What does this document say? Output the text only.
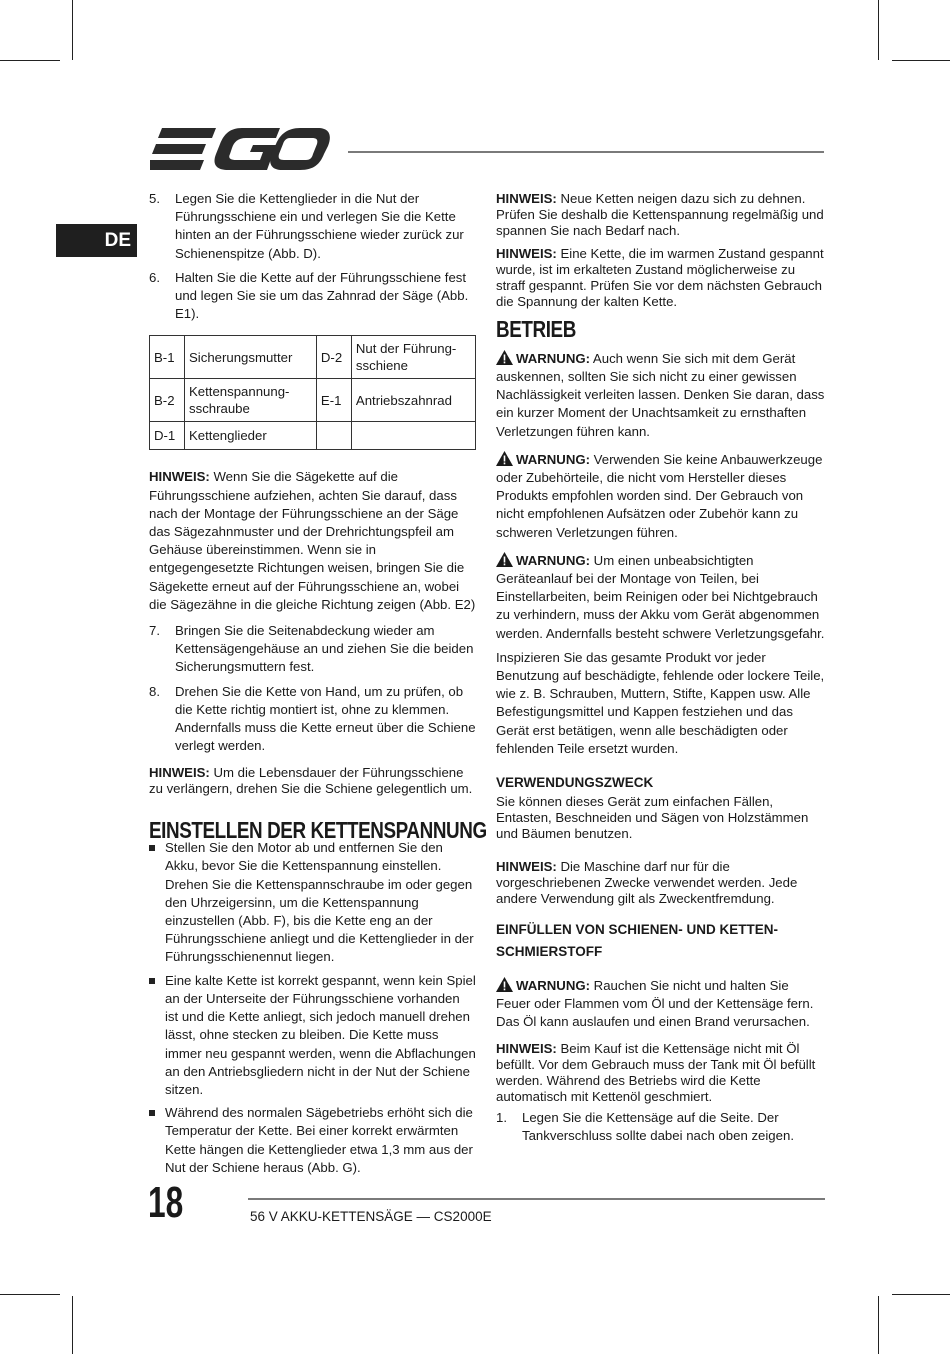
DE
5.	Legen Sie die Kettenglieder in die Nut der Führungsschiene ein und verlegen Sie die Kette hinten an der Führungsschiene wieder zurück zur Schienenspitze (Abb. D).
6.	Halten Sie die Kette auf der Führungsschiene fest und legen Sie sie um das Zahnrad der Säge (Abb. E1).
B-1	Sicherungsmutter	D-2	Nut der Führung-sschiene
B-2	Kettenspannung-sschraube	E-1	Antriebszahnrad
D-1	Kettenglieder		

HINWEIS: Wenn Sie die Sägekette auf die Führungsschiene aufziehen, achten Sie darauf, dass nach der Montage der Führungsschiene an der Säge das Sägezahnmuster und der Drehrichtungspfeil am Gehäuse übereinstimmen. Wenn sie in entgegengesetzte Richtungen weisen, bringen Sie die Sägekette erneut auf der Führungsschiene an, wobei die Sägezähne in die gleiche Richtung zeigen (Abb. E2)

7.	Bringen Sie die Seitenabdeckung wieder am Kettensägengehäuse an und ziehen Sie die beiden Sicherungsmuttern fest.
8.	Drehen Sie die Kette von Hand, um zu prüfen, ob die Kette richtig montiert ist, ohne zu klemmen. Andernfalls muss die Kette erneut über die Schiene verlegt werden.

HINWEIS: Um die Lebensdauer der Führungsschiene zu verlängern, drehen Sie die Schiene gelegentlich um.

EINSTELLEN DER KETTENSPANNUNG
Stellen Sie den Motor ab und entfernen Sie den Akku, bevor Sie die Kettenspannung einstellen. Drehen Sie die Kettenspannschraube im oder gegen den Uhrzeigersinn, um die Kettenspannung einzustellen (Abb. F), bis die Kette eng an der Führungsschiene anliegt und die Kettenglieder in der Führungsschienennut liegen.
Eine kalte Kette ist korrekt gespannt, wenn kein Spiel an der Unterseite der Führungsschiene vorhanden ist und die Kette anliegt, sich jedoch manuell drehen lässt, ohne stecken zu bleiben. Die Kette muss immer neu gespannt werden, wenn die Abflachungen an den Antriebsgliedern nicht in der Nut der Schiene sitzen.
Während des normalen Sägebetriebs erhöht sich die Temperatur der Kette. Bei einer korrekt erwärmten Kette hängen die Kettenglieder etwa 1,3 mm aus der Nut der Schiene heraus (Abb. G).

HINWEIS: Neue Ketten neigen dazu sich zu dehnen. Prüfen Sie deshalb die Kettenspannung regelmäßig und spannen Sie nach Bedarf nach.

HINWEIS: Eine Kette, die im warmen Zustand gespannt wurde, ist im erkalteten Zustand möglicherweise zu straff gespannt. Prüfen Sie vor dem nächsten Gebrauch die Spannung der kalten Kette.

BETRIEB

WARNUNG: Auch wenn Sie sich mit dem Gerät auskennen, sollten Sie sich nicht zu einer gewissen Nachlässigkeit verleiten lassen. Denken Sie daran, dass ein kurzer Moment der Unachtsamkeit zu ernsthaften Verletzungen führen kann.

WARNUNG: Verwenden Sie keine Anbauwerkzeuge oder Zubehörteile, die nicht vom Hersteller dieses Produkts empfohlen worden sind. Der Gebrauch von nicht empfohlenen Aufsätzen oder Zubehör kann zu schweren Verletzungen führen.

WARNUNG: Um einen unbeabsichtigten Geräteanlauf bei der Montage von Teilen, bei Einstellarbeiten, beim Reinigen oder bei Nichtgebrauch zu verhindern, muss der Akku vom Gerät abgenommen werden. Andernfalls besteht schwere Verletzungsgefahr.

Inspizieren Sie das gesamte Produkt vor jeder Benutzung auf beschädigte, fehlende oder lockere Teile, wie z. B. Schrauben, Muttern, Stifte, Kappen usw. Alle Befestigungsmittel und Kappen festziehen und das Gerät erst betätigen, wenn alle beschädigten oder fehlenden Teile ersetzt wurden.

VERWENDUNGSZWECK

Sie können dieses Gerät zum einfachen Fällen, Entasten, Beschneiden und Sägen von Holzstämmen und Bäumen benutzen.

HINWEIS: Die Maschine darf nur für die vorgeschriebenen Zwecke verwendet werden. Jede andere Verwendung gilt als Zweckentfremdung.

EINFÜLLEN VON SCHIENEN- UND KETTEN-SCHMIERSTOFF

WARNUNG: Rauchen Sie nicht und halten Sie Feuer oder Flammen vom Öl und der Kettensäge fern. Das Öl kann auslaufen und einen Brand verursachen.

HINWEIS: Beim Kauf ist die Kettensäge nicht mit Öl befüllt. Vor dem Gebrauch muss der Tank mit Öl befüllt werden. Während des Betriebs wird die Kette automatisch mit Kettenöl geschmiert.

1.	Legen Sie die Kettensäge auf die Seite. Der Tankverschluss sollte dabei nach oben zeigen.
18	56 V AKKU-KETTENSÄGE — CS2000E
